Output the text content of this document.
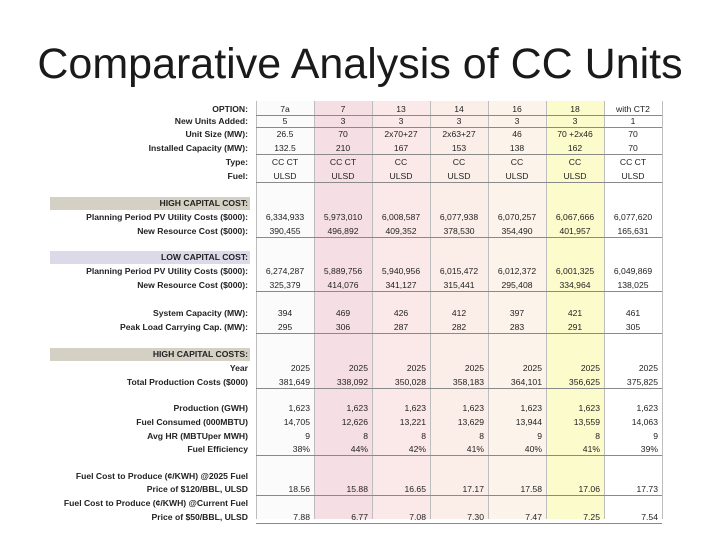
Comparative Analysis of CC Units
OPTION:	7a	7	13	14	16	18	with CT2
New Units Added:	5	3	3	3	3	3	1
Unit Size (MW):	26.5	70	2x70+27	2x63+27	46	70 +2x46	70
Installed Capacity (MW):	132.5	210	167	153	138	162	70
Type:	CC CT	CC CT	CC	CC	CC	CC	CC CT
Fuel:	ULSD	ULSD	ULSD	ULSD	ULSD	ULSD	ULSD
HIGH CAPITAL COST:
Planning Period PV Utility Costs ($000):	6,334,933	5,973,010	6,008,587	6,077,938	6,070,257	6,067,666	6,077,620
New Resource Cost ($000):	390,455	496,892	409,352	378,530	354,490	401,957	165,631
LOW CAPITAL COST:
Planning Period PV Utility Costs ($000):	6,274,287	5,889,756	5,940,956	6,015,472	6,012,372	6,001,325	6,049,869
New Resource Cost ($000):	325,379	414,076	341,127	315,441	295,408	334,964	138,025
System Capacity (MW):	394	469	426	412	397	421	461
Peak Load Carrying Cap. (MW):	295	306	287	282	283	291	305
HIGH CAPITAL COSTS:
Year	2025	2025	2025	2025	2025	2025	2025
Total Production Costs ($000)	381,649	338,092	350,028	358,183	364,101	356,625	375,825
Production (GWH)	1,623	1,623	1,623	1,623	1,623	1,623	1,623
Fuel Consumed (000MBTU)	14,705	12,626	13,221	13,629	13,944	13,559	14,063
Avg HR (MBTUper MWH)	9	8	8	8	9	8	9
Fuel Efficiency	38%	44%	42%	41%	40%	41%	39%
Fuel Cost to Produce (¢/KWH) @2025 Fuel
Price of $120/BBL, ULSD	18.56	15.88	16.65	17.17	17.58	17.06	17.73
Fuel Cost to Produce (¢/KWH) @Current Fuel
Price of $50/BBL, ULSD	7.88	6.77	7.08	7.30	7.47	7.25	7.54
